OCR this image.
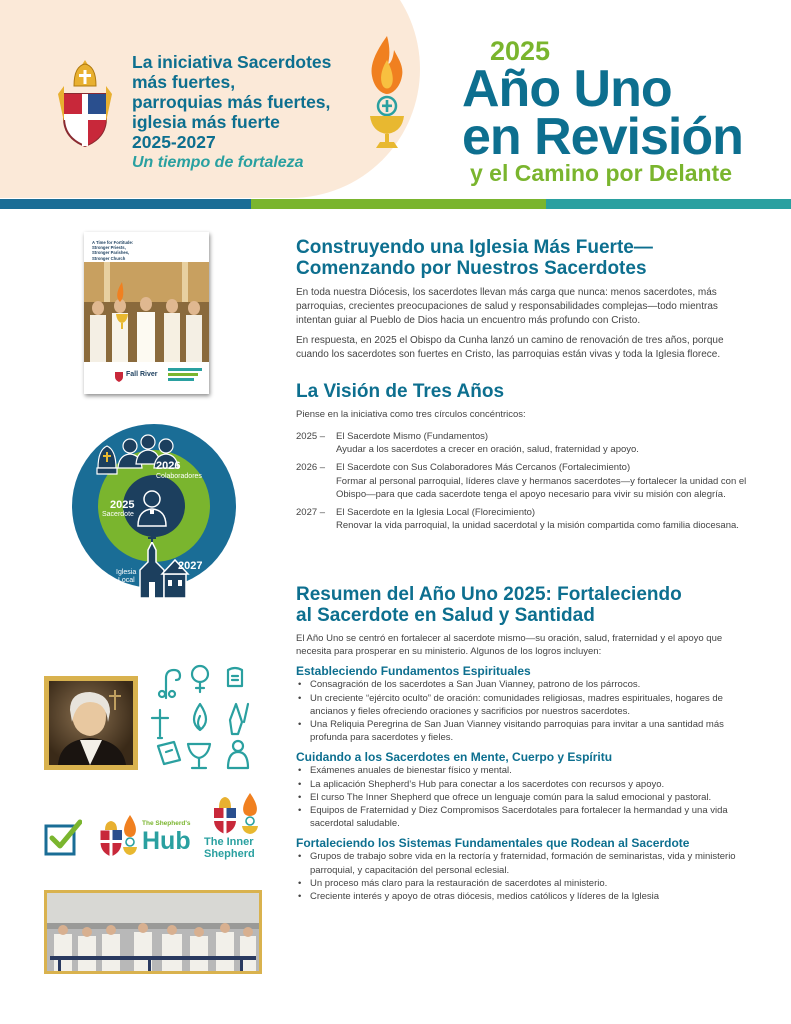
La iniciativa Sacerdotes
más fuertes,
parroquias más fuertes,
iglesia más fuerte
2025-2027
Un tiempo de fortaleza
2025
Año Uno
en Revisión
y el Camino por Delante
A Time for Fortitude:
Stronger Priests,
Stronger Parishes,
Stronger Church
Fall River
2026
Colaboradores
2025
Sacerdote
2027
Iglesia
Local
The Shepherd's
Hub The Inner
Shepherd
Construyendo una Iglesia Más Fuerte—
Comenzando por Nuestros Sacerdotes

En toda nuestra Diócesis, los sacerdotes llevan más carga que nunca: menos sacerdotes, más parroquias, crecientes preocupaciones de salud y responsabilidades complejas—todo mientras intentan guiar al Pueblo de Dios hacia un encuentro más profundo con Cristo.

En respuesta, en 2025 el Obispo da Cunha lanzó un camino de renovación de tres años, porque cuando los sacerdotes son fuertes en Cristo, las parroquias están vivas y toda la Iglesia florece.

La Visión de Tres Años

Piense en la iniciativa como tres círculos concéntricos:

2025 –	El Sacerdote Mismo (Fundamentos)
Ayudar a los sacerdotes a crecer en oración, salud, fraternidad y apoyo.
2026 –	El Sacerdote con Sus Colaboradores Más Cercanos (Fortalecimiento)
Formar al personal parroquial, líderes clave y hermanos sacerdotes—y fortalecer la unidad con el Obispo—para que cada sacerdote tenga el apoyo necesario para vivir su misión con alegría.
2027 –	El Sacerdote en la Iglesia Local (Florecimiento)
Renovar la vida parroquial, la unidad sacerdotal y la misión compartida como familia diocesana.
Resumen del Año Uno 2025: Fortaleciendo
al Sacerdote en Salud y Santidad

El Año Uno se centró en fortalecer al sacerdote mismo—su oración, salud, fraternidad y el apoyo que necesita para prosperar en su ministerio. Algunos de los logros incluyen:

Estableciendo Fundamentos Espirituales
• Consagración de los sacerdotes a San Juan Vianney, patrono de los párrocos.
• Un creciente “ejército oculto” de oración: comunidades religiosas, madres espirituales, hogares de ancianos y fieles ofreciendo oraciones y sacrificios por nuestros sacerdotes.
• Una Reliquia Peregrina de San Juan Vianney visitando parroquias para invitar a una santidad más profunda para sacerdotes y fieles.
Cuidando a los Sacerdotes en Mente, Cuerpo y Espíritu
• Exámenes anuales de bienestar físico y mental.
• La aplicación Shepherd’s Hub para conectar a los sacerdotes con recursos y apoyo.
• El curso The Inner Shepherd que ofrece un lenguaje común para la salud emocional y pastoral.
• Equipos de Fraternidad y Diez Compromisos Sacerdotales para fortalecer la hermandad y una vida sacerdotal saludable.
Fortaleciendo los Sistemas Fundamentales que Rodean al Sacerdote
• Grupos de trabajo sobre vida en la rectoría y fraternidad, formación de seminaristas, vida y ministerio parroquial, y capacitación del personal eclesial.
• Un proceso más claro para la restauración de sacerdotes al ministerio.
• Creciente interés y apoyo de otras diócesis, medios católicos y líderes de la Iglesia
